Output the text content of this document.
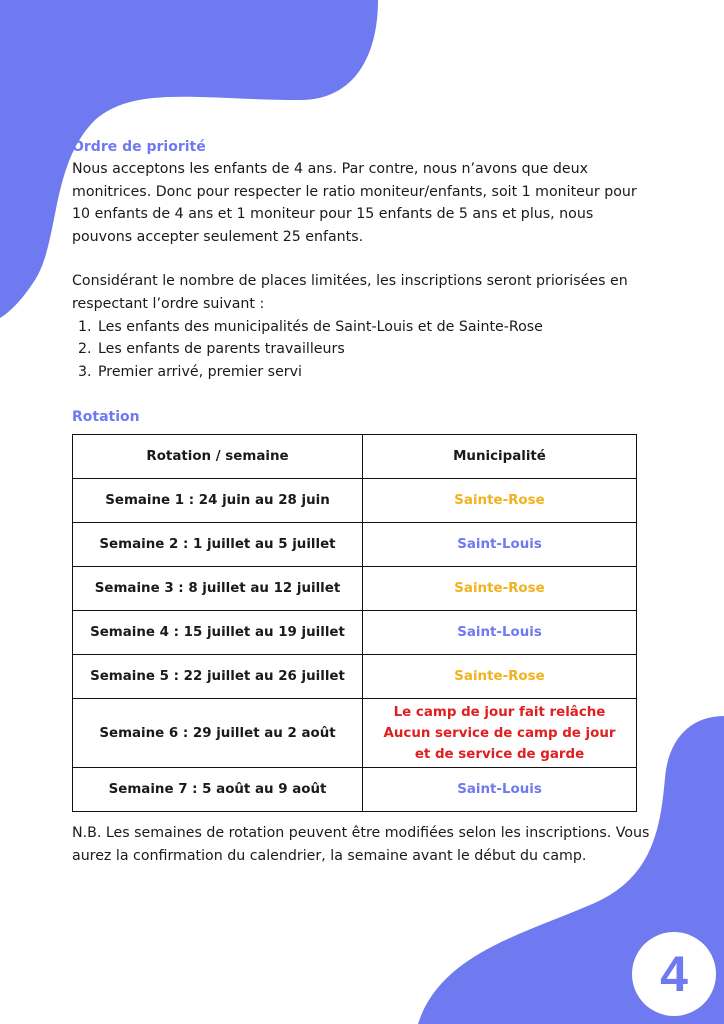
Ordre de priorité

Nous acceptons les enfants de 4 ans. Par contre, nous n’avons que deux monitrices. Donc pour respecter le ratio moniteur/enfants, soit 1 moniteur pour 10 enfants de 4 ans et 1 moniteur pour 15 enfants de 5 ans et plus, nous pouvons accepter seulement 25 enfants.

Considérant le nombre de places limitées, les inscriptions seront priorisées en respectant l’ordre suivant :

1. Les enfants des municipalités de Saint-Louis et de Sainte-Rose
2. Les enfants de parents travailleurs
3. Premier arrivé, premier servi

Rotation

Rotation / semaine	Municipalité
Semaine 1 : 24 juin au 28 juin	Sainte-Rose
Semaine 2 : 1 juillet au 5 juillet	Saint-Louis
Semaine 3 : 8 juillet au 12 juillet	Sainte-Rose
Semaine 4 : 15 juillet au 19 juillet	Saint-Louis
Semaine 5 : 22 juillet au 26 juillet	Sainte-Rose
Semaine 6 : 29 juillet au 2 août	Le camp de jour fait relâche
Aucun service de camp de jour
et de service de garde
Semaine 7 : 5 août au 9 août	Saint-Louis

N.B. Les semaines de rotation peuvent être modifiées selon les inscriptions. Vous aurez la confirmation du calendrier, la semaine avant le début du camp.

4
